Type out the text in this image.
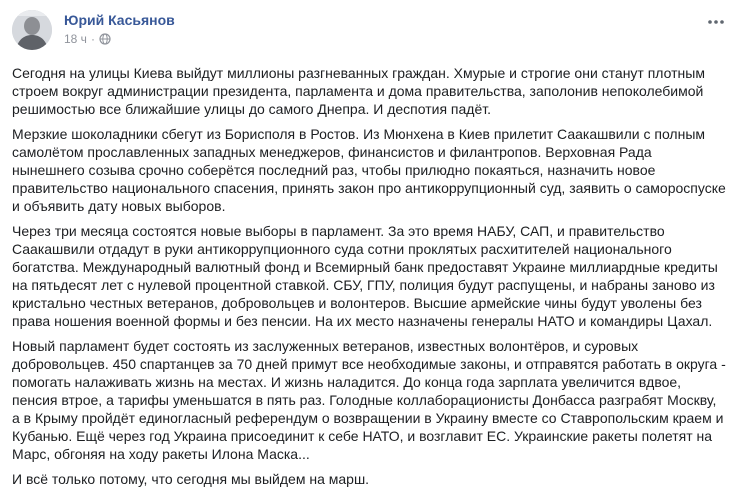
Юрий Касьянов
18 ч ·

Сегодня на улицы Киева выйдут миллионы разгневанных граждан. Хмурые и строгие они станут плотным строем вокруг администрации президента, парламента и дома правительства, заполонив непоколебимой решимостью все ближайшие улицы до самого Днепра. И деспотия падёт.

Мерзкие шоколадники сбегут из Борисполя в Ростов. Из Мюнхена в Киев прилетит Саакашвили с полным самолётом прославленных западных менеджеров, финансистов и филантропов. Верховная Рада нынешнего созыва срочно соберётся последний раз, чтобы прилюдно покаяться, назначить новое правительство национального спасения, принять закон про антикоррупционный суд, заявить о самороспуске и объявить дату новых выборов.

Через три месяца состоятся новые выборы в парламент. За это время НАБУ, САП, и правительство Саакашвили отдадут в руки антикоррупционного суда сотни проклятых расхитителей национального богатства. Международный валютный фонд и Всемирный банк предоставят Украине миллиардные кредиты на пятьдесят лет с нулевой процентной ставкой. СБУ, ГПУ, полиция будут распущены, и набраны заново из кристально честных ветеранов, добровольцев и волонтеров. Высшие армейские чины будут уволены без права ношения военной формы и без пенсии. На их место назначены генералы НАТО и командиры Цахал.

Новый парламент будет состоять из заслуженных ветеранов, известных волонтёров, и суровых добровольцев. 450 спартанцев за 70 дней примут все необходимые законы, и отправятся работать в округа - помогать налаживать жизнь на местах. И жизнь наладится. До конца года зарплата увеличится вдвое, пенсия втрое, а тарифы уменьшатся в пять раз. Голодные коллаборационисты Донбасса разграбят Москву, а в Крыму пройдёт единогласный референдум о возвращении в Украину вместе со Ставропольским краем и Кубанью. Ещё через год Украина присоединит к себе НАТО, и возглавит ЕС. Украинские ракеты полетят на Марс, обгоняя на ходу ракеты Илона Маска...

И всё только потому, что сегодня мы выйдем на марш.
